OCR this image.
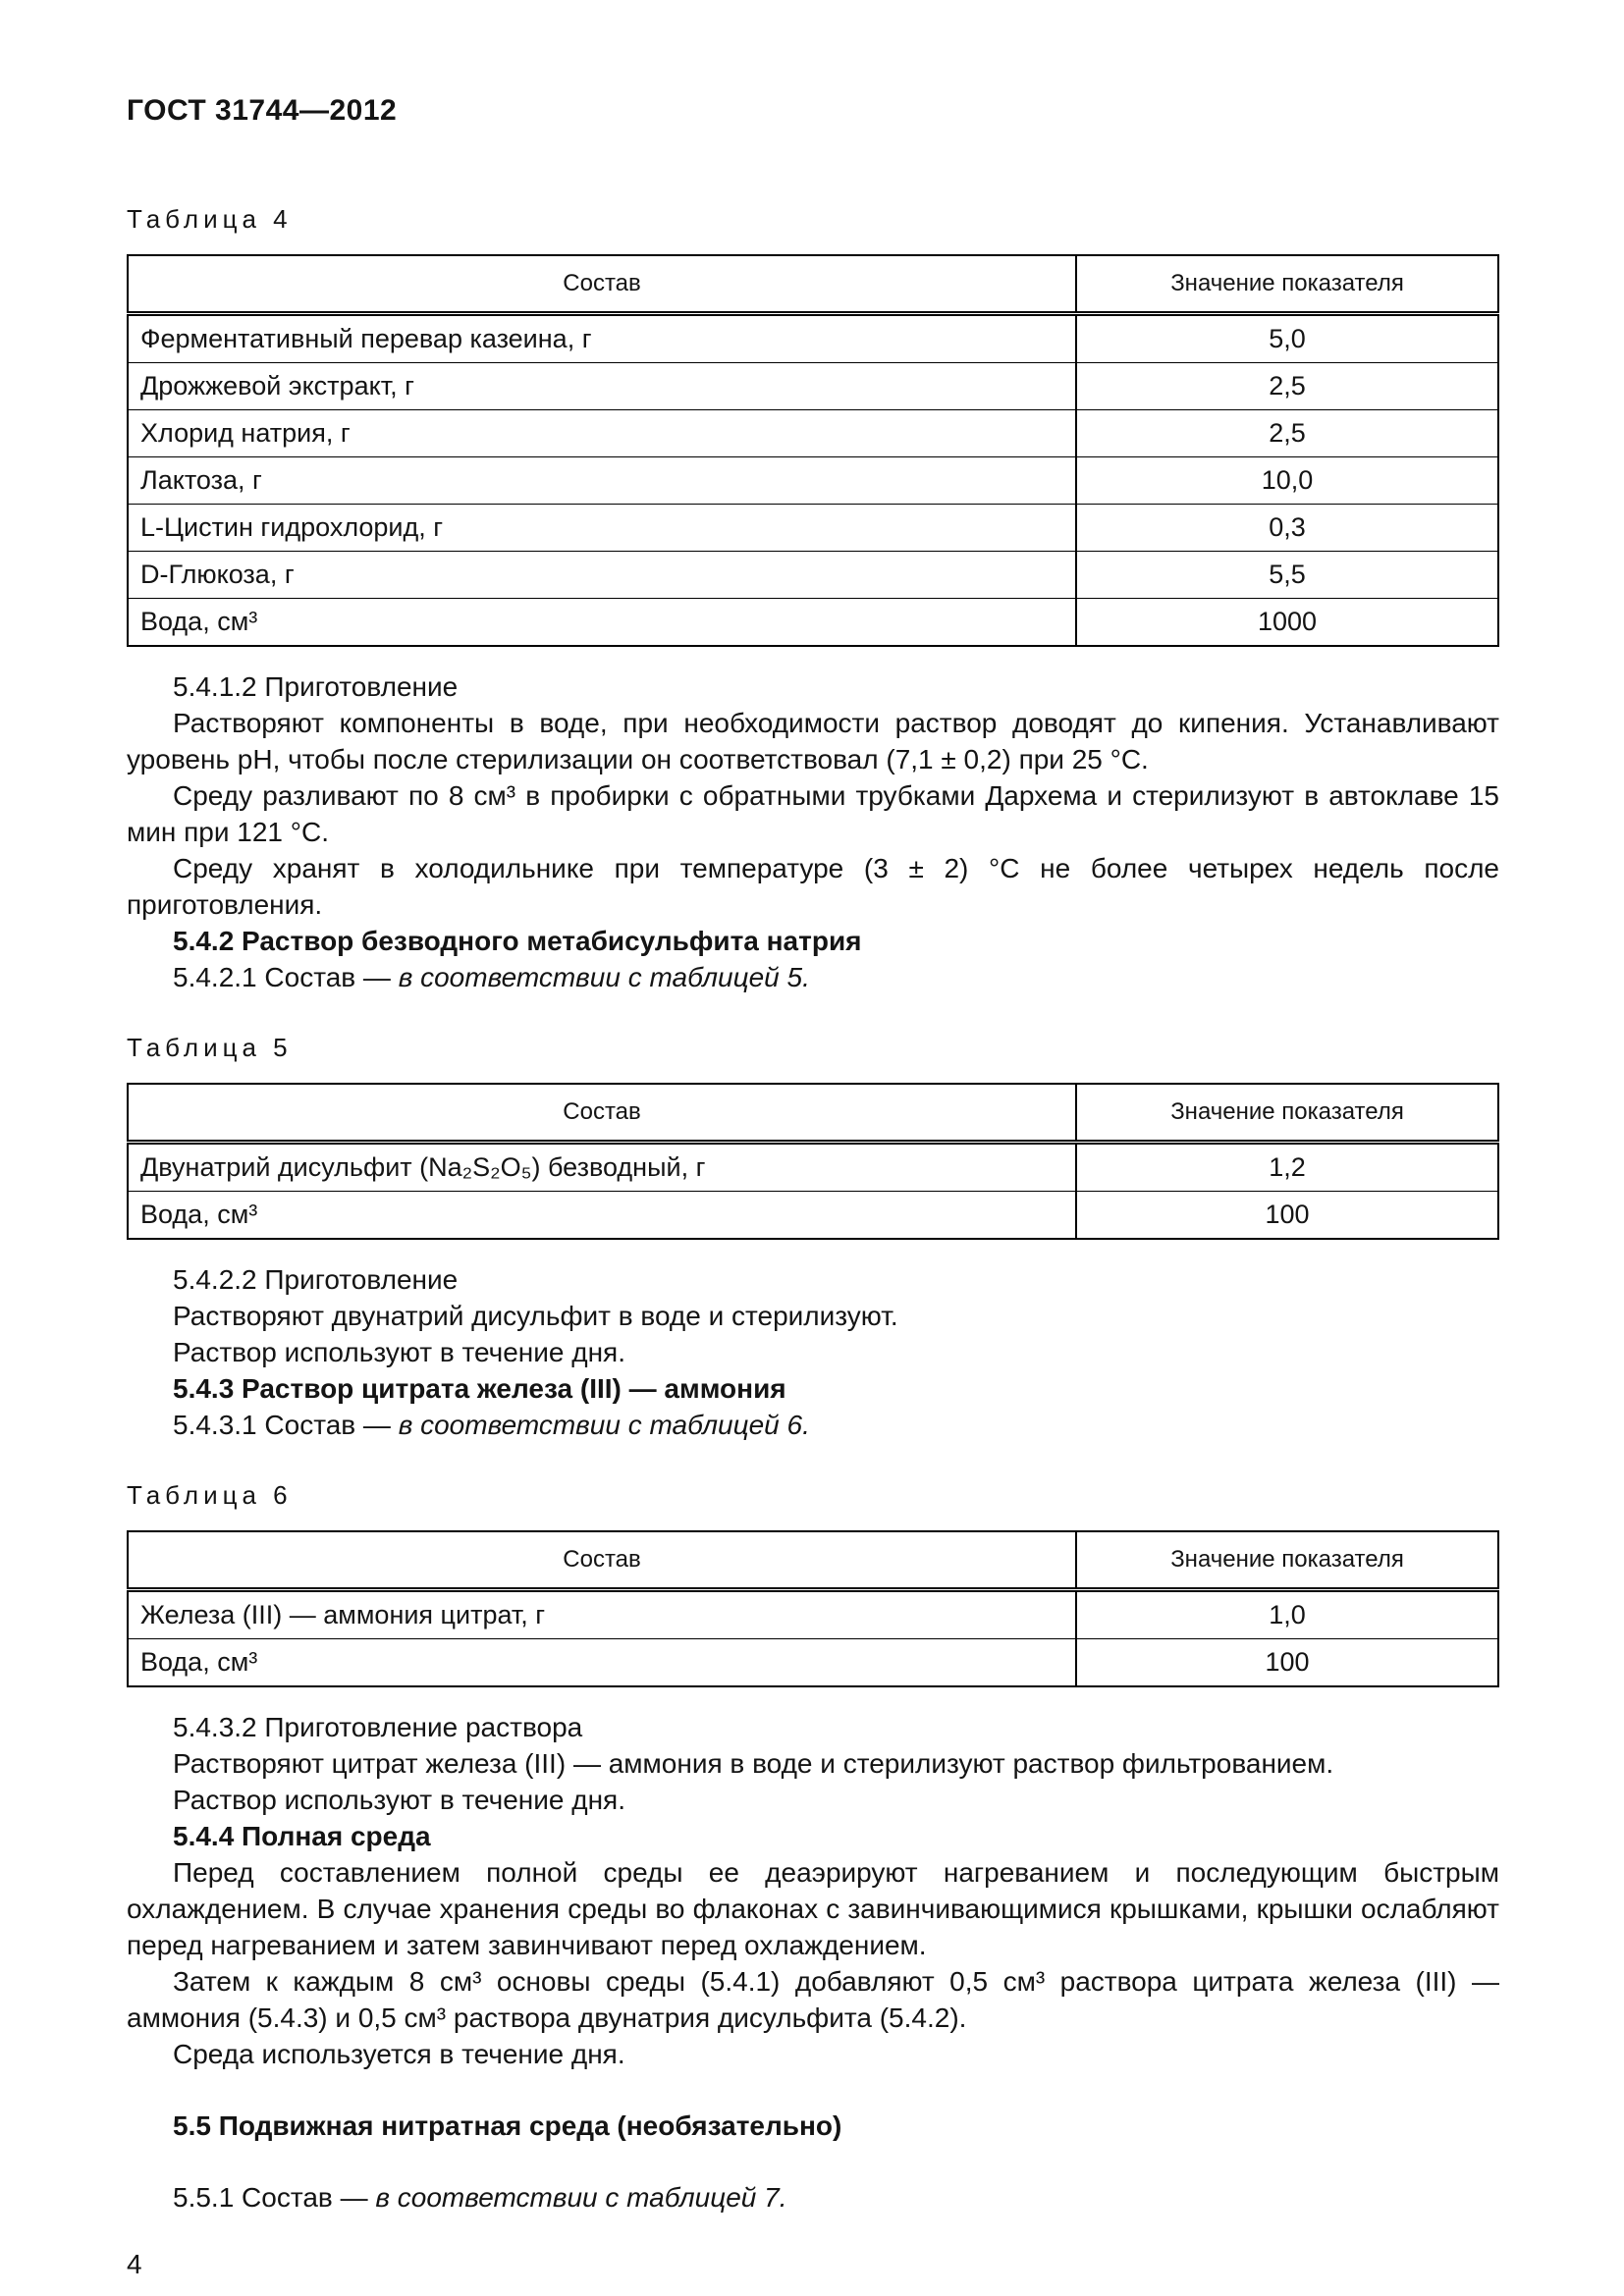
ГОСТ 31744—2012
Таблица 4
Состав	Значение показателя
Ферментативный перевар казеина, г	5,0
Дрожжевой экстракт, г	2,5
Хлорид натрия, г	2,5
Лактоза, г	10,0
L-Цистин гидрохлорид, г	0,3
D-Глюкоза, г	5,5
Вода, см³	1000

5.4.1.2 Приготовление

Растворяют компоненты в воде, при необходимости раствор доводят до кипения. Устанавливают уровень pH, чтобы после стерилизации он соответствовал (7,1 ± 0,2) при 25 °С.

Среду разливают по 8 см³ в пробирки с обратными трубками Дархема и стерилизуют в автоклаве 15 мин при 121 °С.

Среду хранят в холодильнике при температуре (3 ± 2) °С не более четырех недель после приготовления.

5.4.2 Раствор безводного метабисульфита натрия

5.4.2.1 Состав — в соответствии с таблицей 5.

Таблица 5
Состав	Значение показателя
Двунатрий дисульфит (Na₂S₂O₅) безводный, г	1,2
Вода, см³	100

5.4.2.2 Приготовление

Растворяют двунатрий дисульфит в воде и стерилизуют.

Раствор используют в течение дня.

5.4.3 Раствор цитрата железа (III) — аммония

5.4.3.1 Состав — в соответствии с таблицей 6.

Таблица 6
Состав	Значение показателя
Железа (III) — аммония цитрат, г	1,0
Вода, см³	100

5.4.3.2 Приготовление раствора

Растворяют цитрат железа (III) — аммония в воде и стерилизуют раствор фильтрованием.

Раствор используют в течение дня.

5.4.4 Полная среда

Перед составлением полной среды ее деаэрируют нагреванием и последующим быстрым охлаждением. В случае хранения среды во флаконах с завинчивающимися крышками, крышки ослабляют перед нагреванием и затем завинчивают перед охлаждением.

Затем к каждым 8 см³ основы среды (5.4.1) добавляют 0,5 см³ раствора цитрата железа (III) — аммония (5.4.3) и 0,5 см³ раствора двунатрия дисульфита (5.4.2).

Среда используется в течение дня.

5.5 Подвижная нитратная среда (необязательно)

5.5.1 Состав — в соответствии с таблицей 7.

4
